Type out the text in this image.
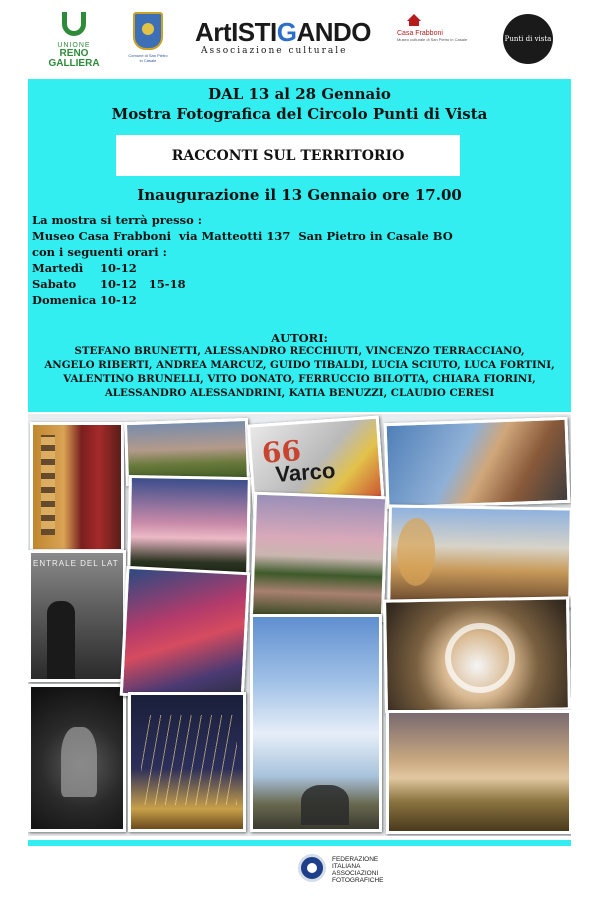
UNIONE
RENO GALLIERA
Comune di San Pietro in Casale
ArtISTIGANDO
Associazione culturale
Casa Frabboni
Museo culturale di San Pietro in Casale	Punti di vista
DAL 13 al 28 Gennaio
Mostra Fotografica del Circolo Punti di Vista
RACCONTI SUL TERRITORIO
Inaugurazione il 13 Gennaio ore 17.00
La mostra si terrà presso :
Museo Casa Frabboni  via Matteotti 137  San Pietro in Casale BO
con i seguenti orari :
Martedì 10-12
Sabato 10-12   15-18
Domenica 10-12
AUTORI:
STEFANO BRUNETTI, ALESSANDRO RECCHIUTI, VINCENZO TERRACCIANO,
ANGELO RIBERTI, ANDREA MARCUZ, GUIDO TIBALDI, LUCIA SCIUTO, LUCA FORTINI,
VALENTINO BRUNELLI, VITO DONATO, FERRUCCIO BILOTTA, CHIARA FIORINI,
ALESSANDRO ALESSANDRINI, KATIA BENUZZI, CLAUDIO CERESI
ENTRALE DEL LAT
66
Varco
FEDERAZIONE
ITALIANA
ASSOCIAZIONI
FOTOGRAFICHE
